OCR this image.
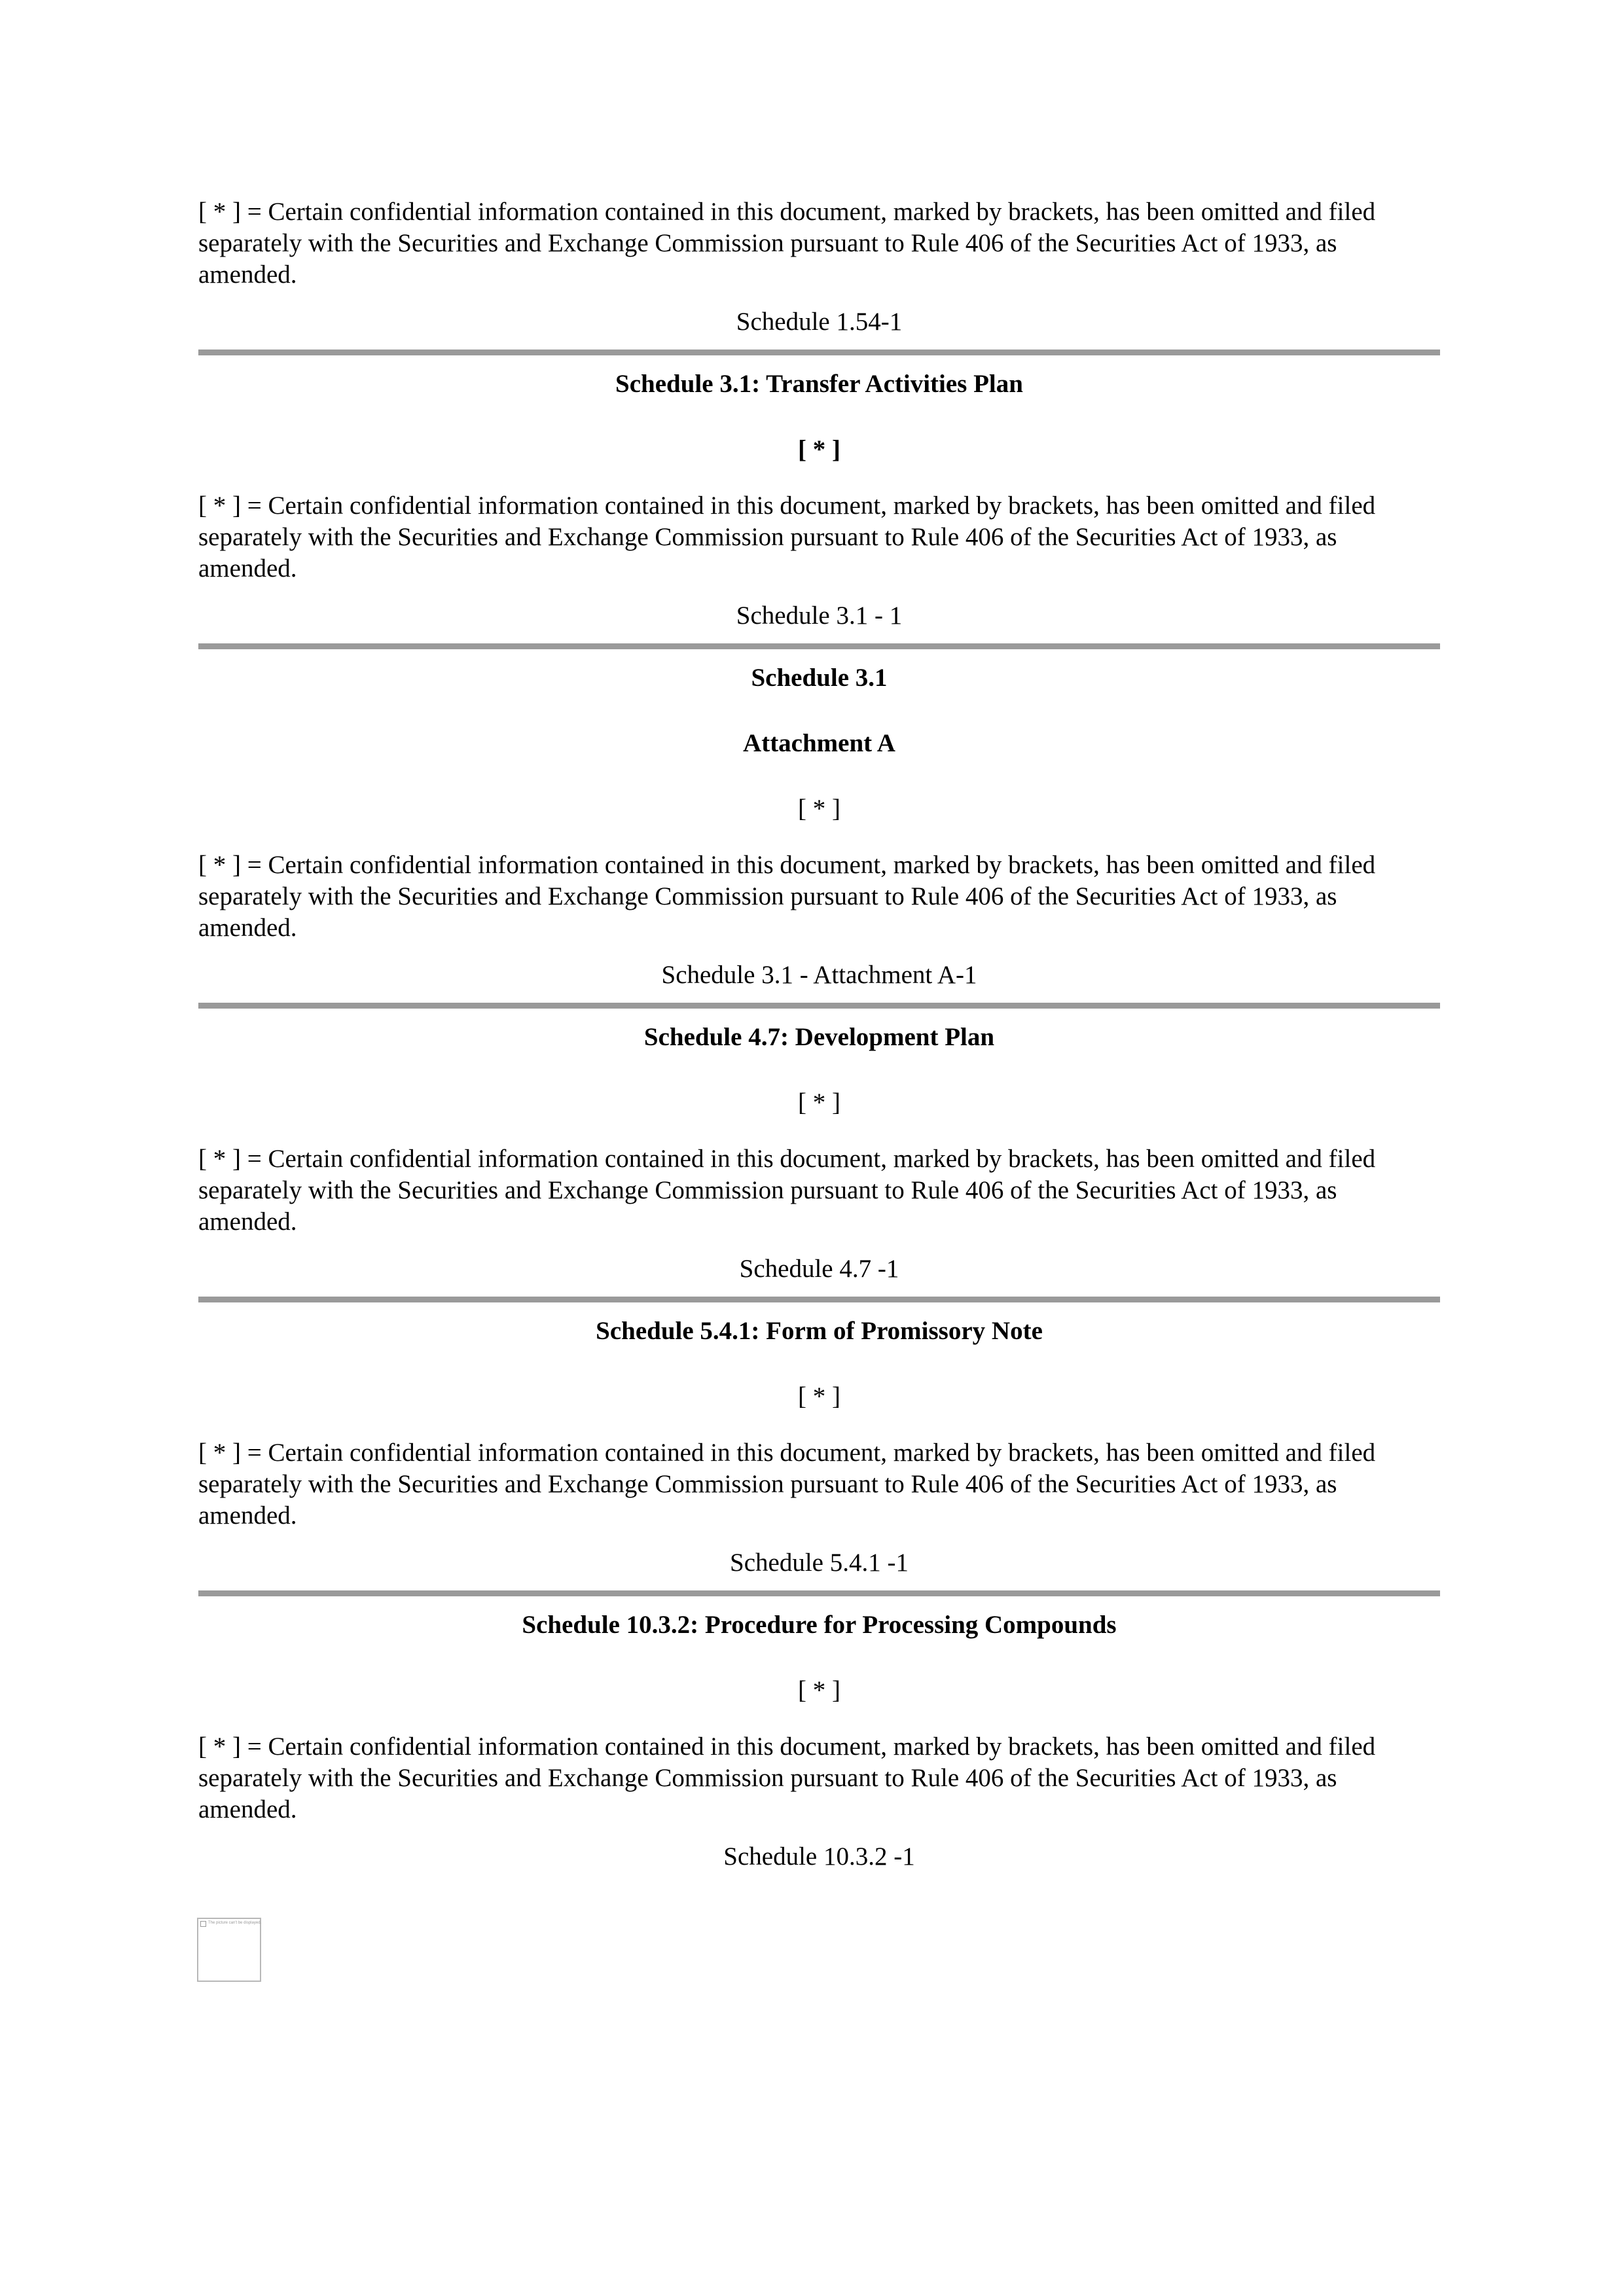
[ * ] = Certain confidential information contained in this document, marked by brackets, has been omitted and filed separately with the Securities and Exchange Commission pursuant to Rule 406 of the Securities Act of 1933, as amended.

Schedule 1.54-1
Schedule 3.1: Transfer Activities Plan
[ * ]

[ * ] = Certain confidential information contained in this document, marked by brackets, has been omitted and filed separately with the Securities and Exchange Commission pursuant to Rule 406 of the Securities Act of 1933, as amended.

Schedule 3.1 - 1
Schedule 3.1
Attachment A
[ * ]

[ * ] = Certain confidential information contained in this document, marked by brackets, has been omitted and filed separately with the Securities and Exchange Commission pursuant to Rule 406 of the Securities Act of 1933, as amended.

Schedule 3.1 - Attachment A-1
Schedule 4.7: Development Plan
[ * ]

[ * ] = Certain confidential information contained in this document, marked by brackets, has been omitted and filed separately with the Securities and Exchange Commission pursuant to Rule 406 of the Securities Act of 1933, as amended.

Schedule 4.7 -1
Schedule 5.4.1: Form of Promissory Note
[ * ]

[ * ] = Certain confidential information contained in this document, marked by brackets, has been omitted and filed separately with the Securities and Exchange Commission pursuant to Rule 406 of the Securities Act of 1933, as amended.

Schedule 5.4.1 -1
Schedule 10.3.2: Procedure for Processing Compounds
[ * ]

[ * ] = Certain confidential information contained in this document, marked by brackets, has been omitted and filed separately with the Securities and Exchange Commission pursuant to Rule 406 of the Securities Act of 1933, as amended.

Schedule 10.3.2 -1
The picture can't be displayed.
